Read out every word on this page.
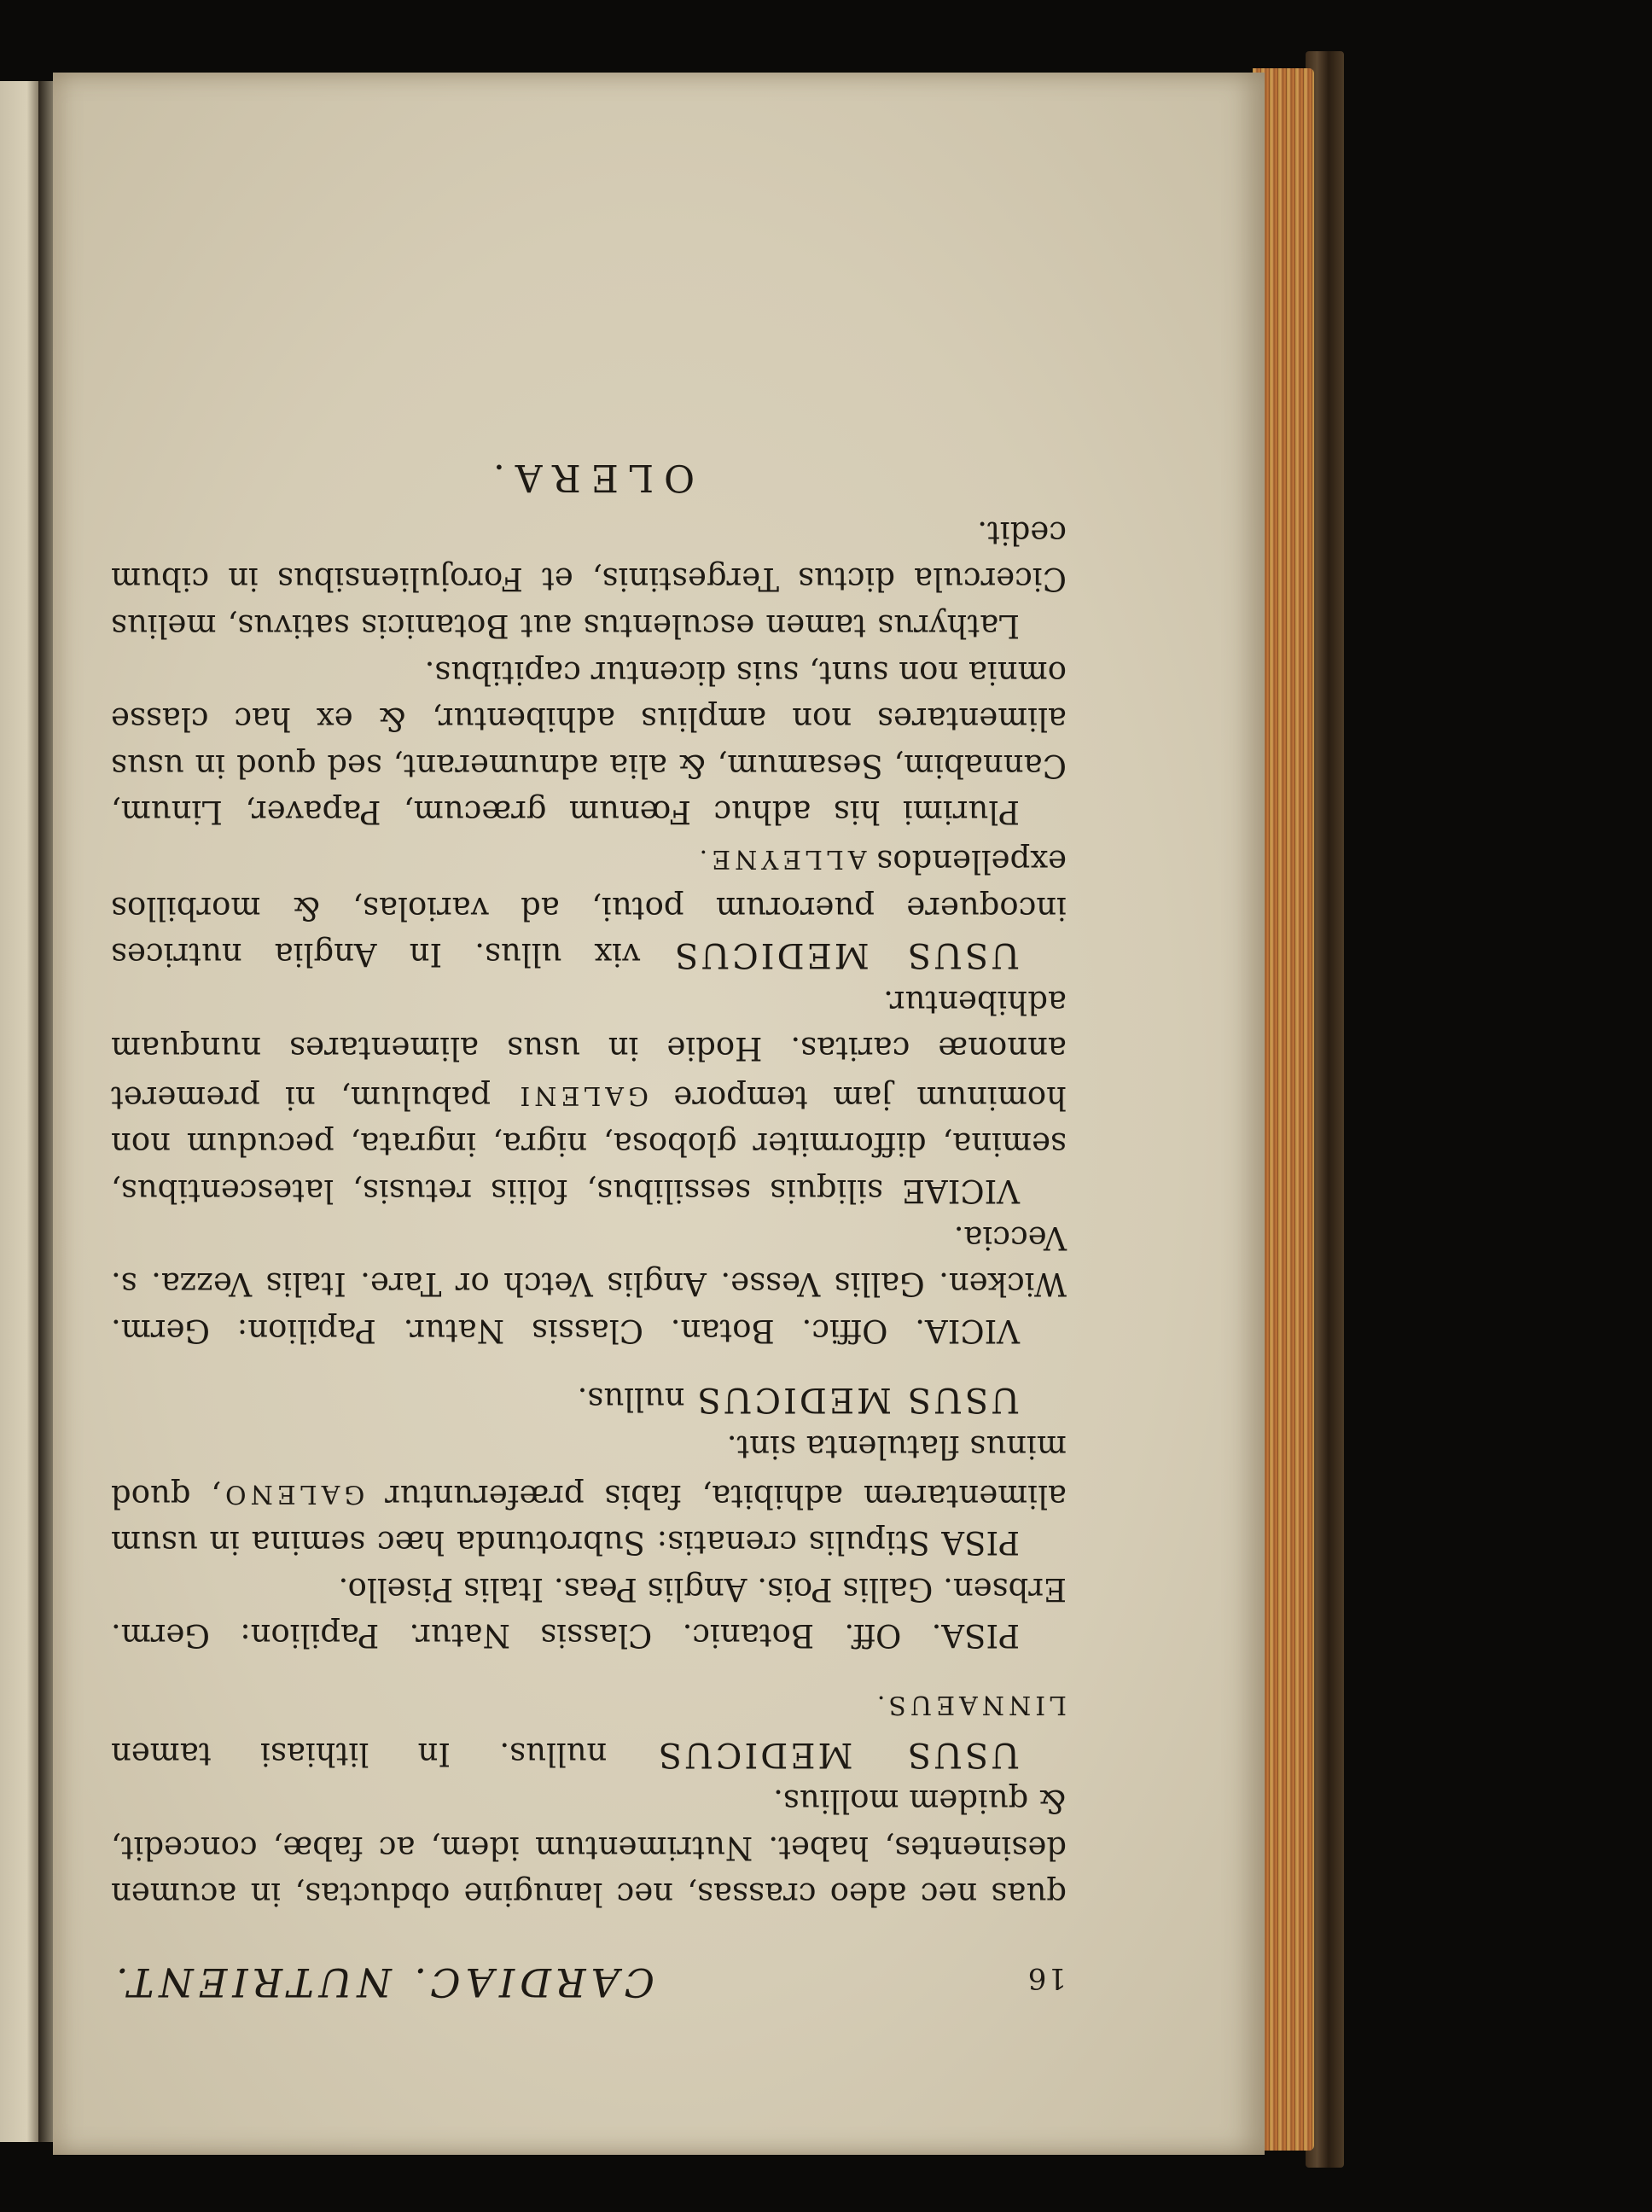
16
CARDIAC. NUTRIENT.

quas nec adeo crassas, nec lanugine obductas, in acumen desinentes, habet. Nutrimentum idem, ac fabæ, concedit, & quidem mollius.

USUS MEDICUS nullus. In lithiasi tamen LINNAEUS.

PISA. Off. Botanic. Classis Natur. Papilion: Germ. Erbsen. Gallis Pois. Anglis Peas. Italis Pisello.

PISA Stipulis crenatis: Subrotunda hæc semina in usum alimentarem adhibita, fabis præferuntur GALENO, quod minus flatulenta sint.

USUS MEDICUS nullus.

VICIA. Offic. Botan. Classis Natur. Papilion: Germ. Wicken. Gallis Vesse. Anglis Vetch or Tare. Italis Vezza. s. Veccia.

VICIAE siliquis sessilibus, foliis retusis, latescentibus, semina, difformiter globosa, nigra, ingrata, pecudum non hominum jam tempore GALENI pabulum, ni premeret annonæ caritas. Hodie in usus alimentares nunquam adhibentur.

USUS MEDICUS vix ullus. In Anglia nutrices incoquere puerorum potui, ad variolas, & morbillos expellendos ALLEYNE.

Plurimi his adhuc Fœnum græcum, Papaver, Linum, Cannabim, Sesamum, & alia adnumerant, sed quod in usus alimentares non amplius adhibentur, & ex hac classe omnia non sunt, suis dicentur capitibus.

Lathyrus tamen esculentus aut Botanicis sativus, melius Cicercula dictus Tergestinis, et Forojuliensibus in cibum cedit.

OLERA.
